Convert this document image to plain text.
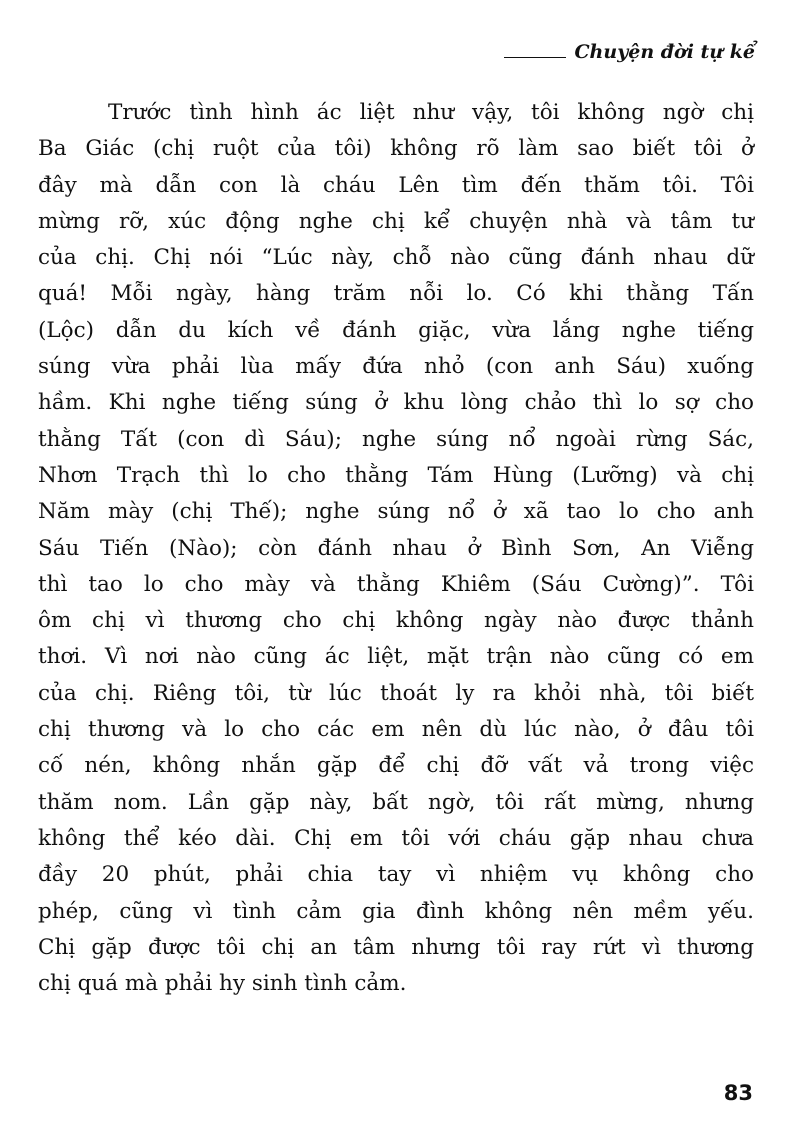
Chuyện đời tự kể
Trước tình hình ác liệt như vậy, tôi không ngờ chị
Ba Giác (chị ruột của tôi) không rõ làm sao biết tôi ở
đây mà dẫn con là cháu Lên tìm đến thăm tôi. Tôi
mừng rỡ, xúc động nghe chị kể chuyện nhà và tâm tư
của chị. Chị nói “Lúc này, chỗ nào cũng đánh nhau dữ
quá! Mỗi ngày, hàng trăm nỗi lo. Có khi thằng Tấn
(Lộc) dẫn du kích về đánh giặc, vừa lắng nghe tiếng
súng vừa phải lùa mấy đứa nhỏ (con anh Sáu) xuống
hầm. Khi nghe tiếng súng ở khu lòng chảo thì lo sợ cho
thằng Tất (con dì Sáu); nghe súng nổ ngoài rừng Sác,
Nhơn Trạch thì lo cho thằng Tám Hùng (Lưỡng) và chị
Năm mày (chị Thế); nghe súng nổ ở xã tao lo cho anh
Sáu Tiến (Nào); còn đánh nhau ở Bình Sơn, An Viễng
thì tao lo cho mày và thằng Khiêm (Sáu Cường)”. Tôi
ôm chị vì thương cho chị không ngày nào được thảnh
thơi. Vì nơi nào cũng ác liệt, mặt trận nào cũng có em
của chị. Riêng tôi, từ lúc thoát ly ra khỏi nhà, tôi biết
chị thương và lo cho các em nên dù lúc nào, ở đâu tôi
cố nén, không nhắn gặp để chị đỡ vất vả trong việc
thăm nom. Lần gặp này, bất ngờ, tôi rất mừng, nhưng
không thể kéo dài. Chị em tôi với cháu gặp nhau chưa
đầy 20 phút, phải chia tay vì nhiệm vụ không cho
phép, cũng vì tình cảm gia đình không nên mềm yếu.
Chị gặp được tôi chị an tâm nhưng tôi ray rứt vì thương
chị quá mà phải hy sinh tình cảm.
83
